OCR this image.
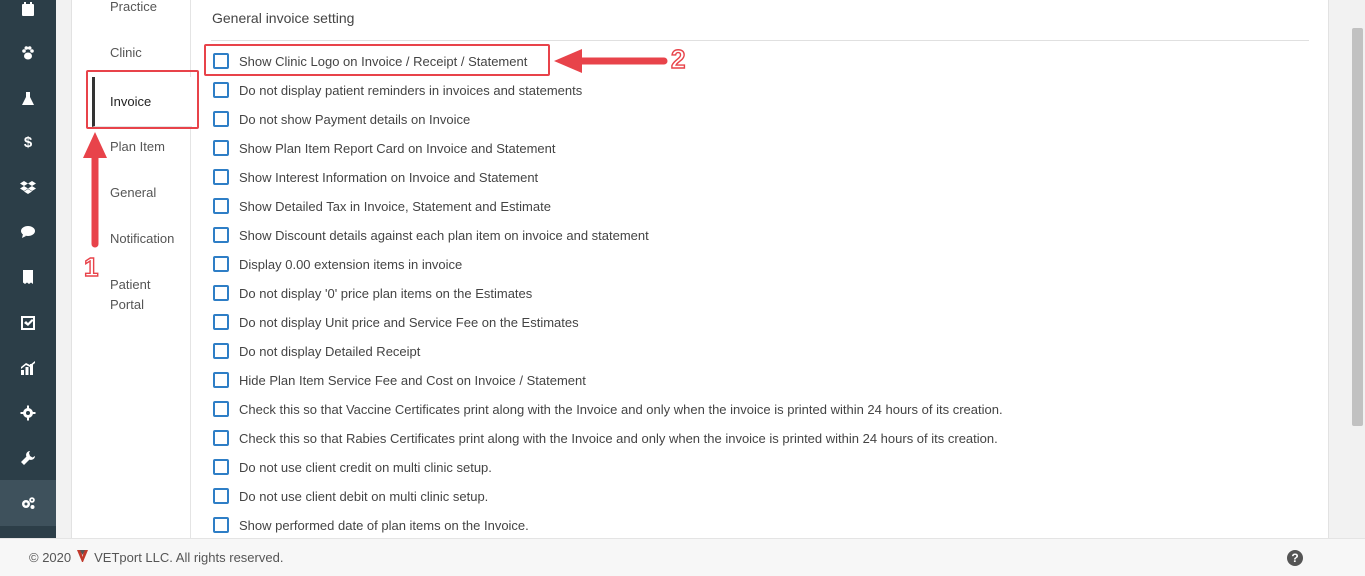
$
Practice
Clinic
Invoice
Plan Item
General
Notification
Patient
Portal
General invoice setting
Show Clinic Logo on Invoice / Receipt / Statement
Do not display patient reminders in invoices and statements
Do not show Payment details on Invoice
Show Plan Item Report Card on Invoice and Statement
Show Interest Information on Invoice and Statement
Show Detailed Tax in Invoice, Statement and Estimate
Show Discount details against each plan item on invoice and statement
Display 0.00 extension items in invoice
Do not display '0' price plan items on the Estimates
Do not display Unit price and Service Fee on the Estimates
Do not display Detailed Receipt
Hide Plan Item Service Fee and Cost on Invoice / Statement
Check this so that Vaccine Certificates print along with the Invoice and only when the invoice is printed within 24 hours of its creation.
Check this so that Rabies Certificates print along with the Invoice and only when the invoice is printed within 24 hours of its creation.
Do not use client credit on multi clinic setup.
Do not use client debit on multi clinic setup.
Show performed date of plan items on the Invoice.
1
2
© 2020 VETport LLC. All rights reserved.	?
